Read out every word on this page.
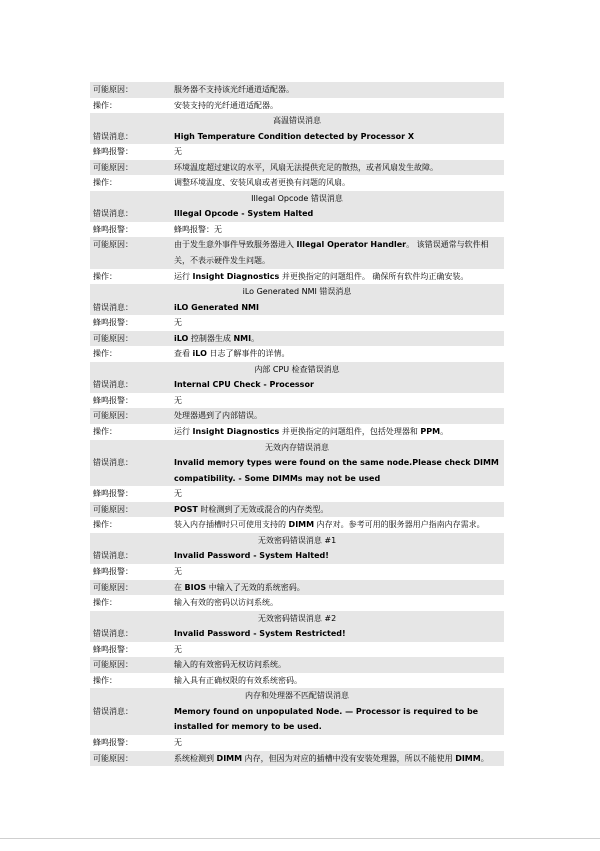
可能原因：	服务器不支持该光纤通道适配器。
操作：	安装支持的光纤通道适配器。
高温错误消息
错误消息：	High Temperature Condition detected by Processor X
蜂鸣报警：	无
可能原因：	环境温度超过建议的水平，风扇无法提供充足的散热，或者风扇发生故障。
操作：	调整环境温度、安装风扇或者更换有问题的风扇。
Illegal Opcode 错误消息
错误消息：	Illegal Opcode - System Halted
蜂鸣报警：	蜂鸣报警：无
可能原因：	由于发生意外事件导致服务器进入 Illegal Operator Handler。 该错误通常与软件相关，不表示硬件发生问题。
操作：	运行 Insight Diagnostics 并更换指定的问题组件。 确保所有软件均正确安装。
iLo Generated NMI 错误消息
错误消息：	iLO Generated NMI
蜂鸣报警：	无
可能原因：	iLO 控制器生成 NMI。
操作：	查看 iLO 日志了解事件的详情。
内部 CPU 检查错误消息
错误消息：	Internal CPU Check - Processor
蜂鸣报警：	无
可能原因：	处理器遇到了内部错误。
操作：	运行 Insight Diagnostics 并更换指定的问题组件，包括处理器和 PPM。
无效内存错误消息
错误消息：	Invalid memory types were found on the same node.Please check DIMM compatibility. - Some DIMMs may not be used
蜂鸣报警：	无
可能原因：	POST 时检测到了无效或混合的内存类型。
操作：	装入内存插槽时只可使用支持的 DIMM 内存对。参考可用的服务器用户指南内存需求。
无效密码错误消息 #1
错误消息：	Invalid Password - System Halted!
蜂鸣报警：	无
可能原因：	在 BIOS 中输入了无效的系统密码。
操作：	输入有效的密码以访问系统。
无效密码错误消息 #2
错误消息：	Invalid Password - System Restricted!
蜂鸣报警：	无
可能原因：	输入的有效密码无权访问系统。
操作：	输入具有正确权限的有效系统密码。
内存和处理器不匹配错误消息
错误消息：	Memory found on unpopulated Node. — Processor is required to be installed for memory to be used.
蜂鸣报警：	无
可能原因：	系统检测到 DIMM 内存，但因为对应的插槽中没有安装处理器，所以不能使用 DIMM。
